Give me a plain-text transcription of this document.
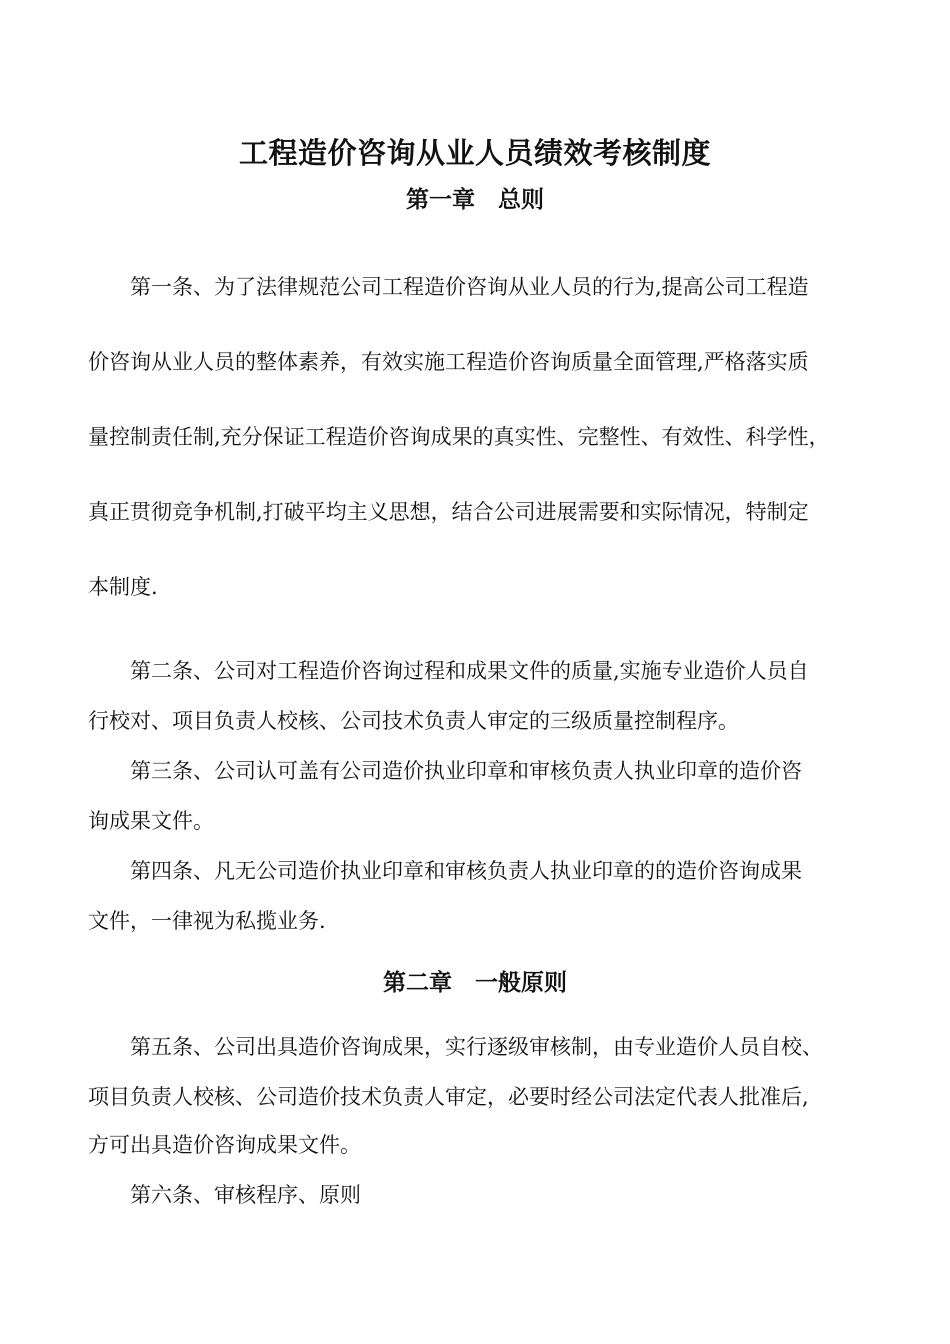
工程造价咨询从业人员绩效考核制度
第一章　总则
第一条、为了法律规范公司工程造价咨询从业人员的行为,提高公司工程造
价咨询从业人员的整体素养，有效实施工程造价咨询质量全面管理,严格落实质
量控制责任制,充分保证工程造价咨询成果的真实性、完整性、有效性、科学性，
真正贯彻竞争机制,打破平均主义思想，结合公司进展需要和实际情况，特制定
本制度.
第二条、公司对工程造价咨询过程和成果文件的质量,实施专业造价人员自
行校对、项目负责人校核、公司技术负责人审定的三级质量控制程序。
第三条、公司认可盖有公司造价执业印章和审核负责人执业印章的造价咨
询成果文件。
第四条、凡无公司造价执业印章和审核负责人执业印章的的造价咨询成果
文件，一律视为私揽业务.
第二章　一般原则
第五条、公司出具造价咨询成果，实行逐级审核制，由专业造价人员自校、
项目负责人校核、公司造价技术负责人审定，必要时经公司法定代表人批准后,
方可出具造价咨询成果文件。
第六条、审核程序、原则
